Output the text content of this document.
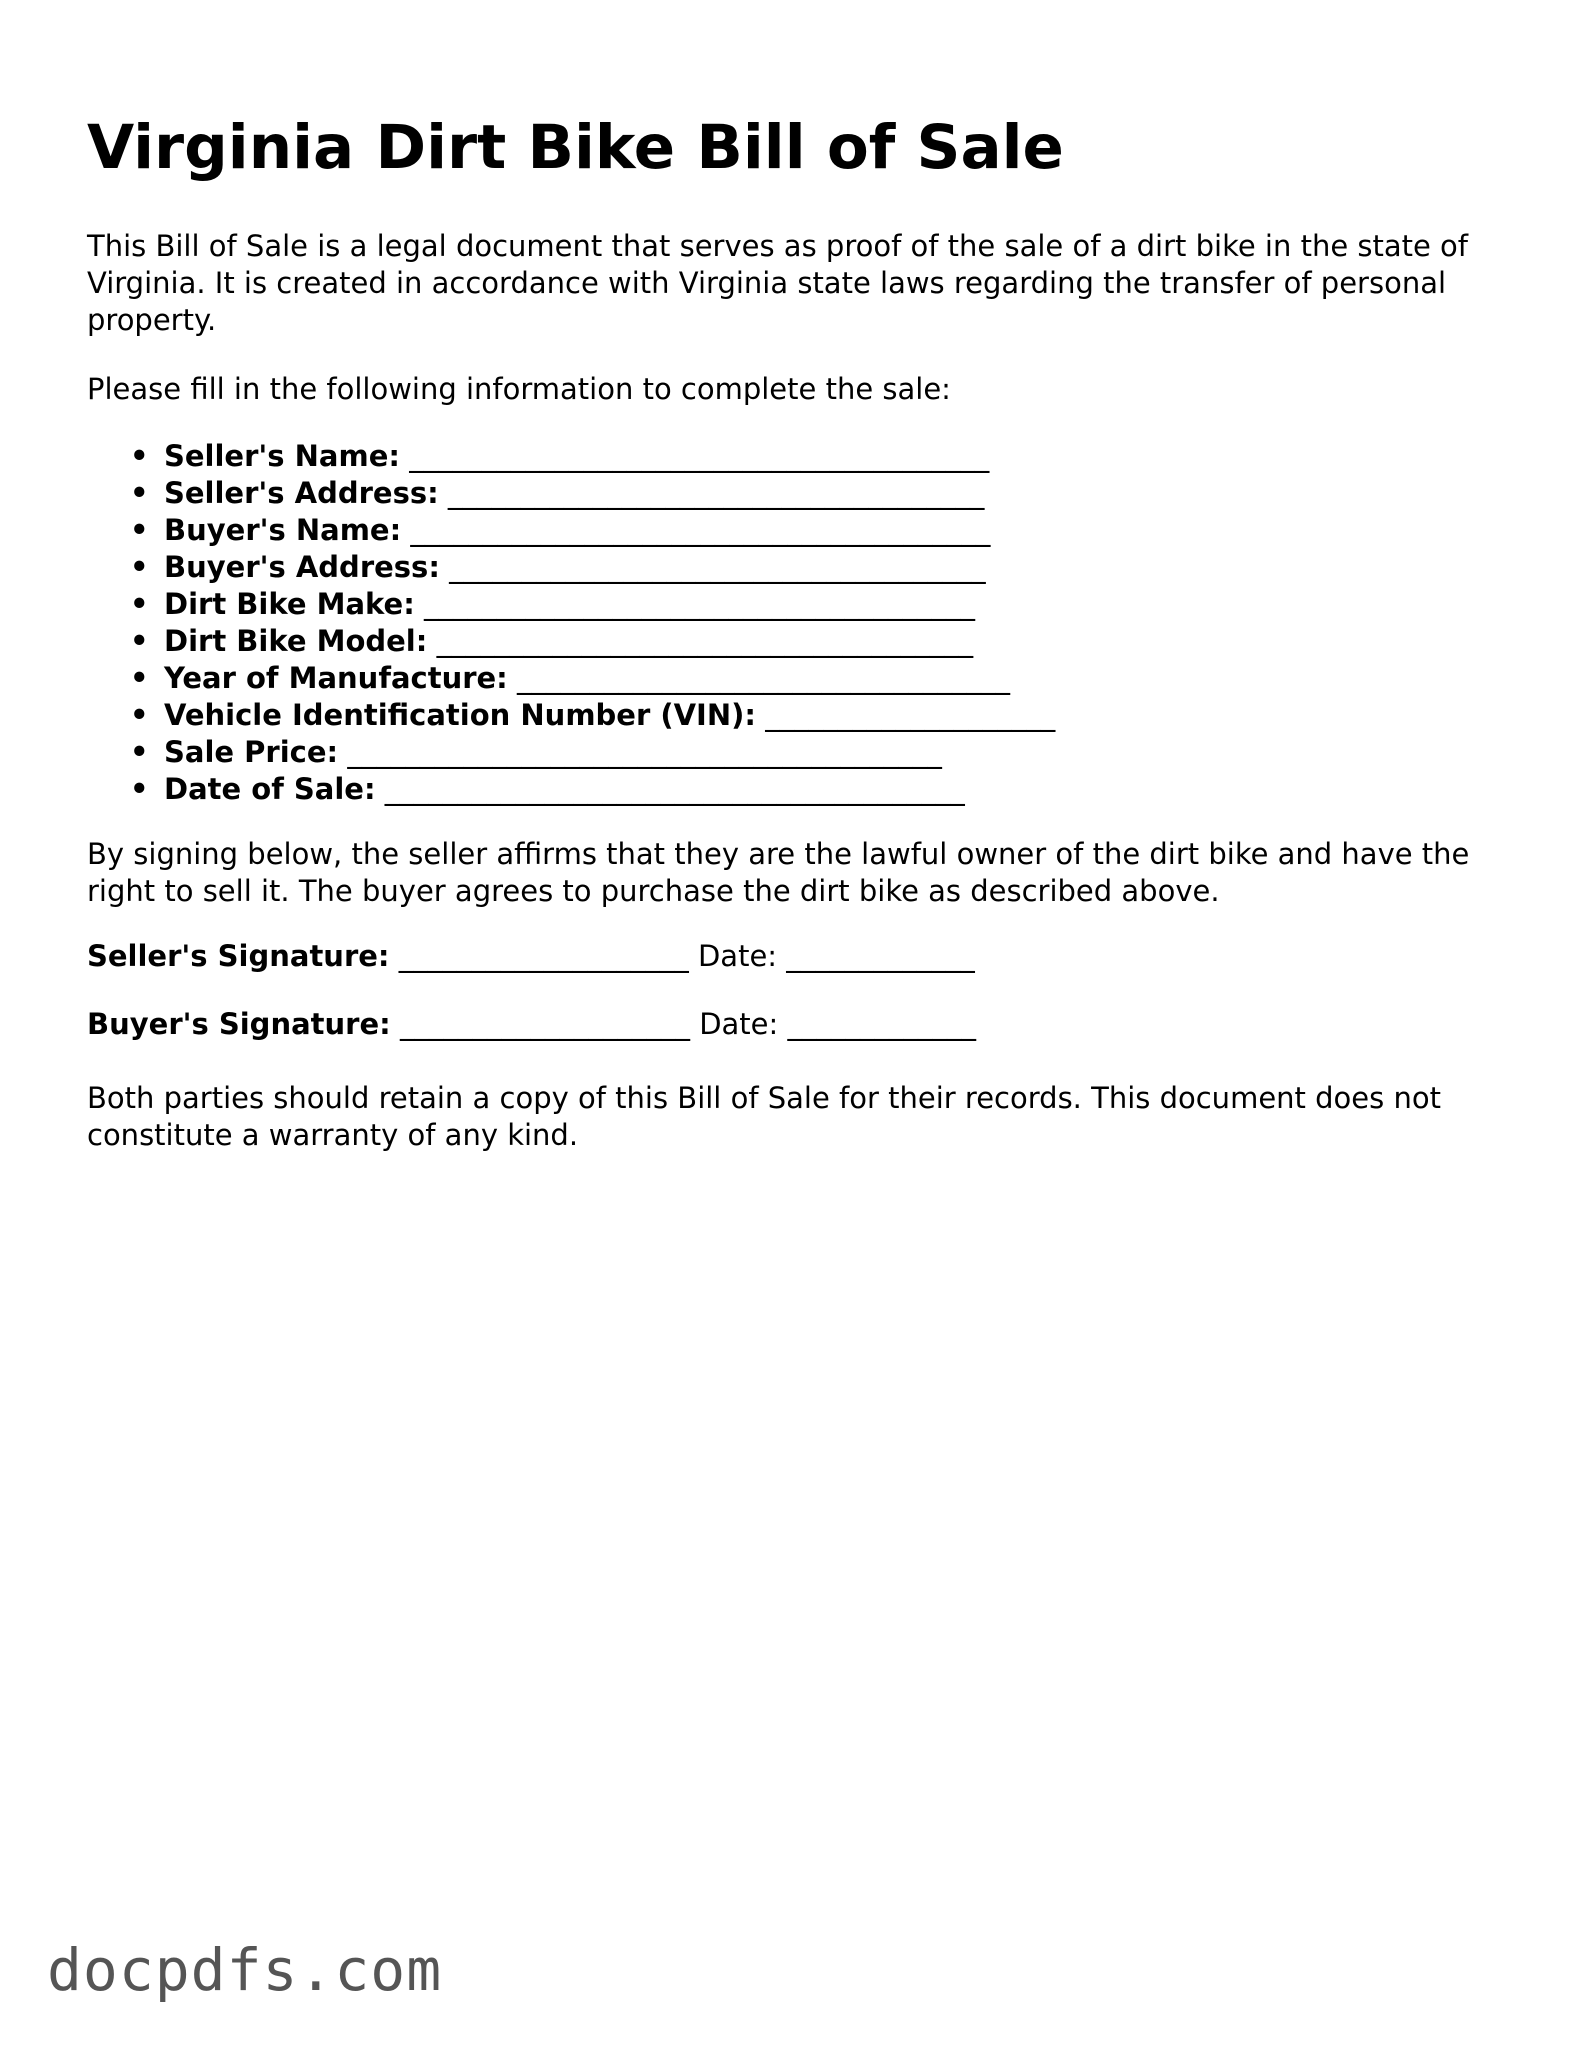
Virginia Dirt Bike Bill of Sale

This Bill of Sale is a legal document that serves as proof of the sale of a dirt bike in the state of Virginia. It is created in accordance with Virginia state laws regarding the transfer of personal property.

Please fill in the following information to complete the sale:

• Seller's Name: ________________________________________
• Seller's Address: _____________________________________
• Buyer's Name: ________________________________________
• Buyer's Address: _____________________________________
• Dirt Bike Make: ______________________________________
• Dirt Bike Model: _____________________________________
• Year of Manufacture: __________________________________
• Vehicle Identification Number (VIN): ____________________
• Sale Price: _________________________________________
• Date of Sale: ________________________________________

By signing below, the seller affirms that they are the lawful owner of the dirt bike and have the right to sell it. The buyer agrees to purchase the dirt bike as described above.

Seller's Signature: ____________________ Date: _____________

Buyer's Signature: ____________________ Date: _____________

Both parties should retain a copy of this Bill of Sale for their records. This document does not constitute a warranty of any kind.

docpdfs.com
